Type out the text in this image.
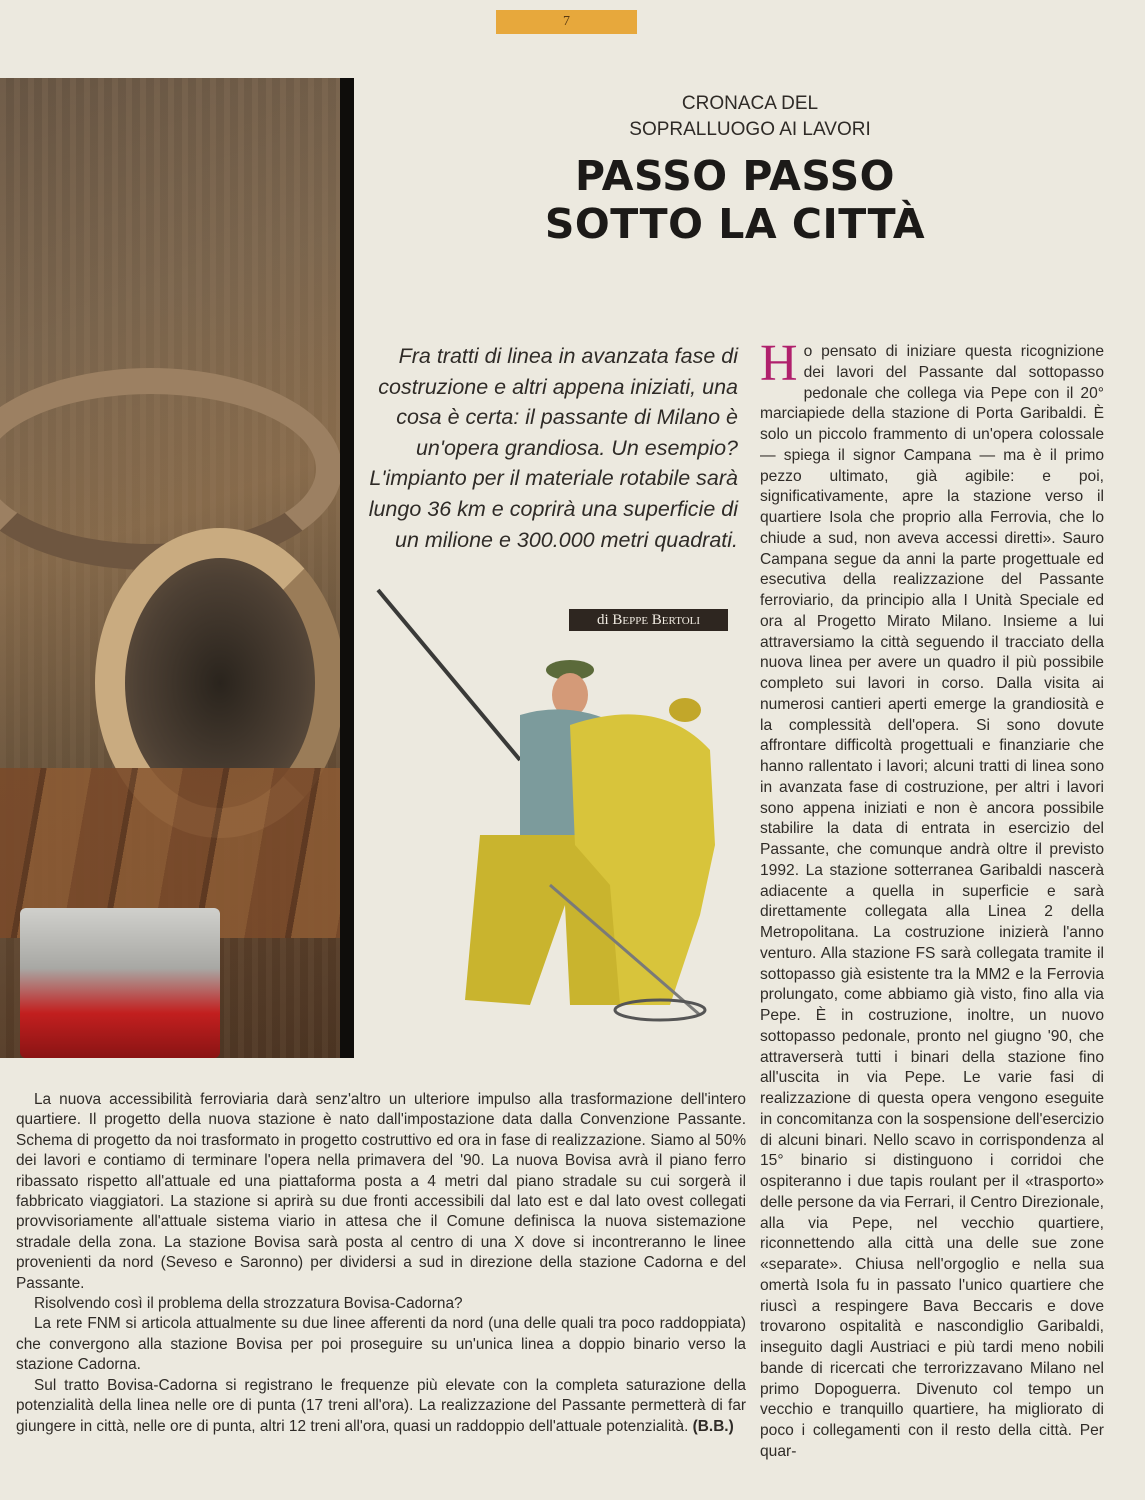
7
CRONACA DEL
SOPRALLUOGO AI LAVORI
PASSO PASSO
SOTTO LA CITTÀ
Fra tratti di linea in avanzata fase di costruzione e altri appena iniziati, una cosa è certa: il passante di Milano è un'opera grandiosa. Un esempio? L'impianto per il materiale rotabile sarà lungo 36 km e coprirà una superficie di un milione e 300.000 metri quadrati.
di Beppe Bertoli

H o pensato di iniziare questa ricognizione dei lavori del Passante dal sottopasso pedonale che collega via Pepe con il 20° marciapiede della stazione di Porta Garibaldi. È solo un piccolo frammento di un'opera colossale — spiega il signor Campana — ma è il primo pezzo ultimato, già agibile: e poi, significativamente, apre la stazione verso il quartiere Isola che proprio alla Ferrovia, che lo chiude a sud, non aveva accessi diretti». Sauro Campana segue da anni la parte progettuale ed esecutiva della realizzazione del Passante ferroviario, da principio alla I Unità Speciale ed ora al Progetto Mirato Milano. Insieme a lui attraversiamo la città seguendo il tracciato della nuova linea per avere un quadro il più possibile completo sui lavori in corso. Dalla visita ai numerosi cantieri aperti emerge la grandiosità e la complessità dell'opera. Si sono dovute affrontare difficoltà progettuali e finanziarie che hanno rallentato i lavori; alcuni tratti di linea sono in avanzata fase di costruzione, per altri i lavori sono appena iniziati e non è ancora possibile stabilire la data di entrata in esercizio del Passante, che comunque andrà oltre il previsto 1992. La stazione sotterranea Garibaldi nascerà adiacente a quella in superficie e sarà direttamente collegata alla Linea 2 della Metropolitana. La costruzione inizierà l'anno venturo. Alla stazione FS sarà collegata tramite il sottopasso già esistente tra la MM2 e la Ferrovia prolungato, come abbiamo già visto, fino alla via Pepe. È in costruzione, inoltre, un nuovo sottopasso pedonale, pronto nel giugno '90, che attraverserà tutti i binari della stazione fino all'uscita in via Pepe. Le varie fasi di realizzazione di questa opera vengono eseguite in concomitanza con la sospensione dell'esercizio di alcuni binari. Nello scavo in corrispondenza al 15° binario si distinguono i corridoi che ospiteranno i due tapis roulant per il «trasporto» delle persone da via Ferrari, il Centro Direzionale, alla via Pepe, nel vecchio quartiere, riconnettendo alla città una delle sue zone «separate». Chiusa nell'orgoglio e nella sua omertà Isola fu in passato l'unico quartiere che riuscì a respingere Bava Beccaris e dove trovarono ospitalità e nascondiglio Garibaldi, inseguito dagli Austriaci e più tardi meno nobili bande di ricercati che terrorizzavano Milano nel primo Dopoguerra. Divenuto col tempo un vecchio e tranquillo quartiere, ha migliorato di poco i collegamenti con il resto della città. Per quar-

La nuova accessibilità ferroviaria darà senz'altro un ulteriore impulso alla trasformazione dell'intero quartiere. Il progetto della nuova stazione è nato dall'impostazione data dalla Convenzione Passante. Schema di progetto da noi trasformato in progetto costruttivo ed ora in fase di realizzazione. Siamo al 50% dei lavori e contiamo di terminare l'opera nella primavera del '90. La nuova Bovisa avrà il piano ferro ribassato rispetto all'attuale ed una piattaforma posta a 4 metri dal piano stradale su cui sorgerà il fabbricato viaggiatori. La stazione si aprirà su due fronti accessibili dal lato est e dal lato ovest collegati provvisoriamente all'attuale sistema viario in attesa che il Comune definisca la nuova sistemazione stradale della zona. La stazione Bovisa sarà posta al centro di una X dove si incontreranno le linee provenienti da nord (Seveso e Saronno) per dividersi a sud in direzione della stazione Cadorna e del Passante.

Risolvendo così il problema della strozzatura Bovisa-Cadorna?

La rete FNM si articola attualmente su due linee afferenti da nord (una delle quali tra poco raddoppiata) che convergono alla stazione Bovisa per poi proseguire su un'unica linea a doppio binario verso la stazione Cadorna.

Sul tratto Bovisa-Cadorna si registrano le frequenze più elevate con la completa saturazione della potenzialità della linea nelle ore di punta (17 treni all'ora). La realizzazione del Passante permetterà di far giungere in città, nelle ore di punta, altri 12 treni all'ora, quasi un raddoppio dell'attuale potenzialità. (B.B.)
